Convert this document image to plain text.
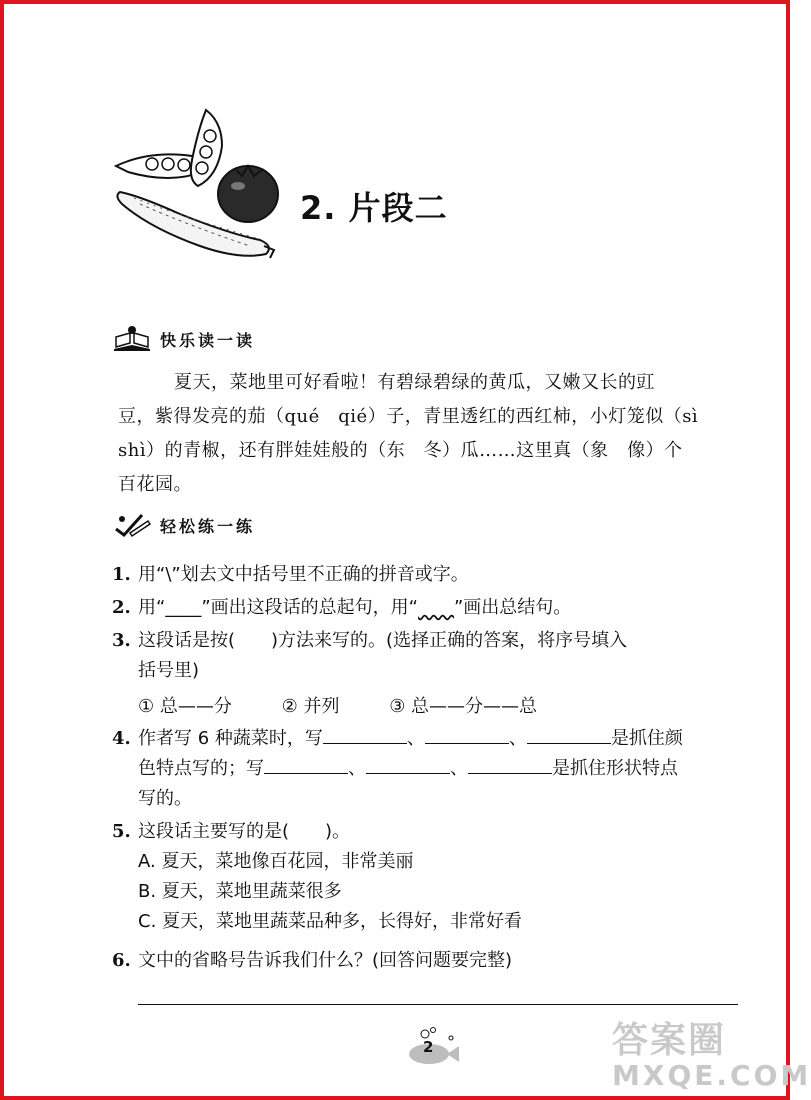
2. 片段二
快乐读一读

夏天，菜地里可好看啦！有碧绿碧绿的黄瓜，又嫩又长的豇

豆，紫得发亮的茄（qué　qié）子，青里透红的西红柿，小灯笼似（sì

shì）的青椒，还有胖娃娃般的（东　冬）瓜……这里真（象　像）个

百花园。

轻松练一练
1. 用“\”划去文中括号里不正确的拼音或字。
2. 用“____”画出这段话的总起句，用“ ”画出总结句。
3. 这段话是按(　　)方法来写的。(选择正确的答案，将序号填入
括号里)
① 总——分	② 并列	③ 总——分——总
4. 作者写 6 种蔬菜时，写	、	、	是抓住颜
色特点写的；写	、	、	是抓住形状特点
写的。
5. 这段话主要写的是(　　)。
A. 夏天，菜地像百花园，非常美丽
B. 夏天，菜地里蔬菜很多
C. 夏天，菜地里蔬菜品种多，长得好，非常好看
6. 文中的省略号告诉我们什么？(回答问题要完整)
2	答案圈
MXQE.COM
